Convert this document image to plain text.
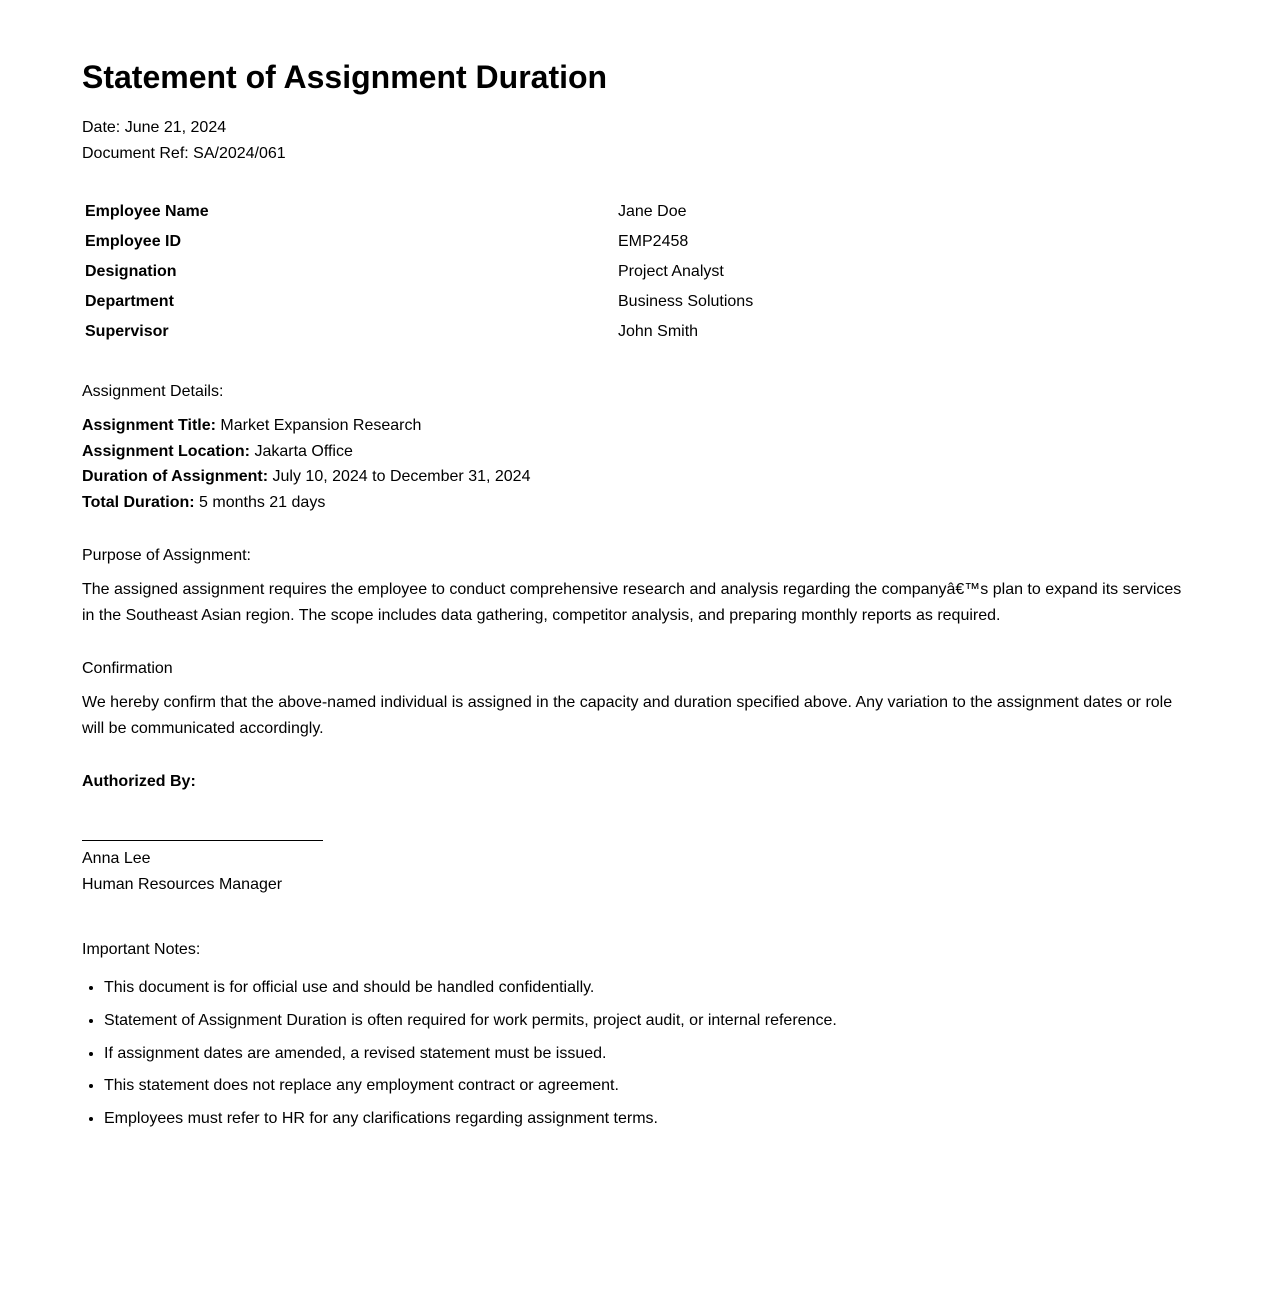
Statement of Assignment Duration
Date: June 21, 2024
Document Ref: SA/2024/061
Employee Name	Jane Doe
Employee ID	EMP2458
Designation	Project Analyst
Department	Business Solutions
Supervisor	John Smith
Assignment Details:
Assignment Title: Market Expansion Research
Assignment Location: Jakarta Office
Duration of Assignment: July 10, 2024 to December 31, 2024
Total Duration: 5 months 21 days
Purpose of Assignment:

The assigned assignment requires the employee to conduct comprehensive research and analysis regarding the companyâ€™s plan to expand its services in the Southeast Asian region. The scope includes data gathering, competitor analysis, and preparing monthly reports as required.

Confirmation

We hereby confirm that the above-named individual is assigned in the capacity and duration specified above. Any variation to the assignment dates or role will be communicated accordingly.

Authorized By:
Anna Lee
Human Resources Manager
Important Notes:
• This document is for official use and should be handled confidentially.
• Statement of Assignment Duration is often required for work permits, project audit, or internal reference.
• If assignment dates are amended, a revised statement must be issued.
• This statement does not replace any employment contract or agreement.
• Employees must refer to HR for any clarifications regarding assignment terms.
